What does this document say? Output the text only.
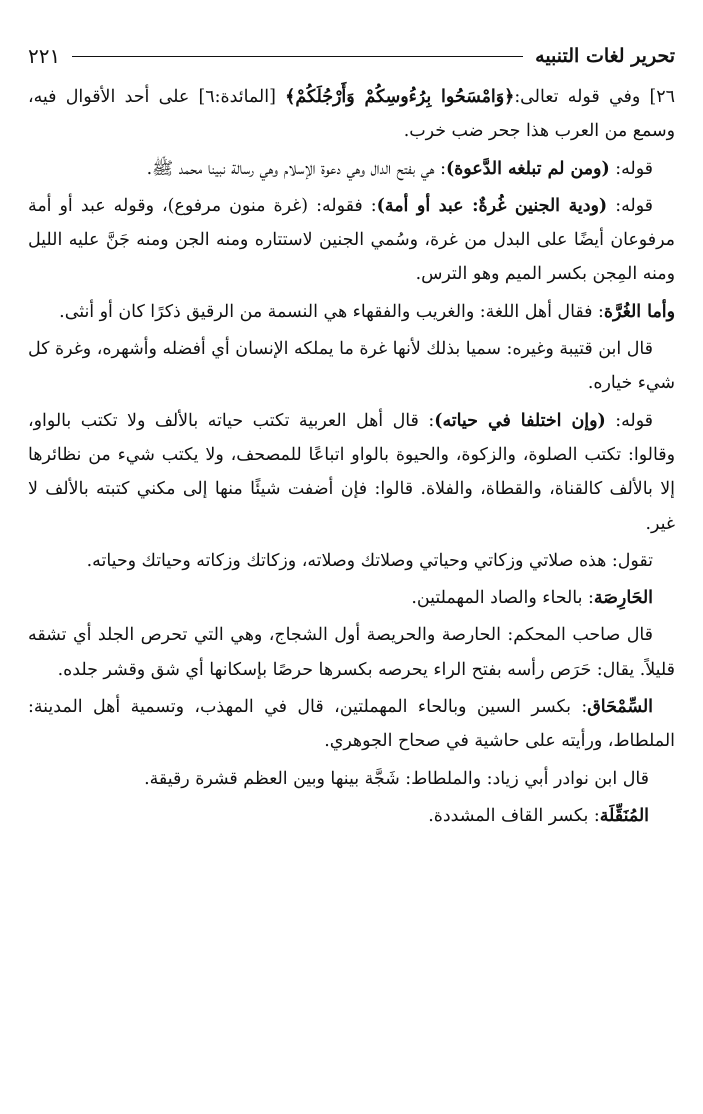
تحرير لغات التنبيه
٢٢١

٢٦] وفي قوله تعالى:﴿وَامْسَحُوا بِرُءُوسِكُمْ وَأَرْجُلَكُمْ﴾ [المائدة:٦] على أحد الأقوال فيه، وسمع من العرب هذا جحر ضب خرب.

قوله: (ومن لم تبلغه الدَّعوة): هي بفتح الدال وهي دعوة الإسلام وهي رسالة نبينا محمد ﷺ.

قوله: (ودية الجنين غُرةٌ: عبد أو أمة): فقوله: (غرة منون مرفوع)، وقوله عبد أو أمة مرفوعان أيضًا على البدل من غرة، وسُمي الجنين لاستتاره ومنه الجن ومنه جَنَّ عليه الليل ومنه المِجن بكسر الميم وهو الترس.

وأما الغُرَّة: فقال أهل اللغة: والغريب والفقهاء هي النسمة من الرقيق ذكرًا كان أو أنثى.

قال ابن قتيبة وغيره: سميا بذلك لأنها غرة ما يملكه الإنسان أي أفضله وأشهره، وغرة كل شيء خياره.

قوله: (وإن اختلفا في حياته): قال أهل العربية تكتب حياته بالألف ولا تكتب بالواو، وقالوا: تكتب الصلوة، والزكوة، والحيوة بالواو اتباعًا للمصحف، ولا يكتب شيء من نظائرها إلا بالألف كالقناة، والقطاة، والفلاة. قالوا: فإن أضفت شيئًا منها إلى مكني كتبته بالألف لا غير.

تقول: هذه صلاتي وزكاتي وحياتي وصلاتك وصلاته، وزكاتك وزكاته وحياتك وحياته.

الحَارِصَة: بالحاء والصاد المهملتين.

قال صاحب المحكم: الحارصة والحريصة أول الشجاج، وهي التي تحرص الجلد أي تشقه قليلاً. يقال: حَرَص رأسه بفتح الراء يحرصه بكسرها حرصًا بإسكانها أي شق وقشر جلده.

السِّمْحَاق: بكسر السين وبالحاء المهملتين، قال في المهذب، وتسمية أهل المدينة: الملطاط، ورأيته على حاشية في صحاح الجوهري.

قال ابن نوادر أبي زياد: والملطاط: شَجَّة بينها وبين العظم قشرة رقيقة.

المُنَقِّلَة: بكسر القاف المشددة.
